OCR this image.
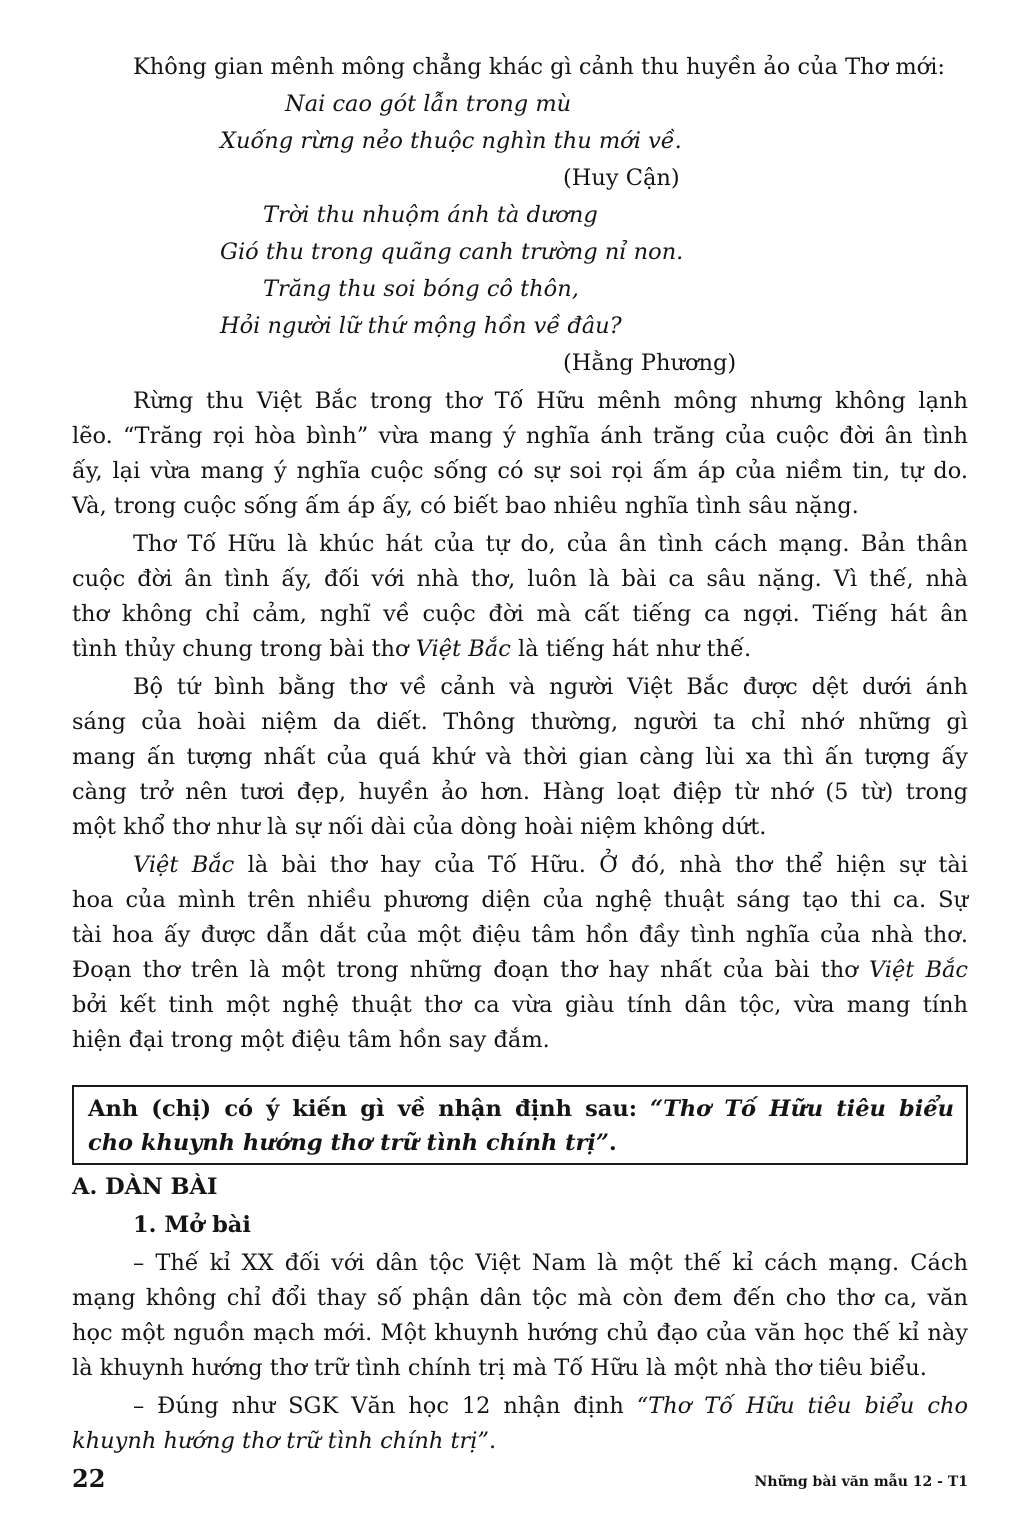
Không gian mênh mông chẳng khác gì cảnh thu huyền ảo của Thơ mới:
Nai cao gót lẫn trong mù
Xuống rừng nẻo thuộc nghìn thu mới về.
(Huy Cận)
Trời thu nhuộm ánh tà dương
Gió thu trong quãng canh trường nỉ non.
Trăng thu soi bóng cô thôn,
Hỏi người lữ thứ mộng hồn về đâu?
(Hằng Phương)
Rừng thu Việt Bắc trong thơ Tố Hữu mênh mông nhưng không lạnh
lẽo. “Trăng rọi hòa bình” vừa mang ý nghĩa ánh trăng của cuộc đời ân tình
ấy, lại vừa mang ý nghĩa cuộc sống có sự soi rọi ấm áp của niềm tin, tự do.
Và, trong cuộc sống ấm áp ấy, có biết bao nhiêu nghĩa tình sâu nặng.
Thơ Tố Hữu là khúc hát của tự do, của ân tình cách mạng. Bản thân
cuộc đời ân tình ấy, đối với nhà thơ, luôn là bài ca sâu nặng. Vì thế, nhà
thơ không chỉ cảm, nghĩ về cuộc đời mà cất tiếng ca ngợi. Tiếng hát ân
tình thủy chung trong bài thơ Việt Bắc là tiếng hát như thế.
Bộ tứ bình bằng thơ về cảnh và người Việt Bắc được dệt dưới ánh
sáng của hoài niệm da diết. Thông thường, người ta chỉ nhớ những gì
mang ấn tượng nhất của quá khứ và thời gian càng lùi xa thì ấn tượng ấy
càng trở nên tươi đẹp, huyền ảo hơn. Hàng loạt điệp từ nhớ (5 từ) trong
một khổ thơ như là sự nối dài của dòng hoài niệm không dứt.
Việt Bắc là bài thơ hay của Tố Hữu. Ở đó, nhà thơ thể hiện sự tài
hoa của mình trên nhiều phương diện của nghệ thuật sáng tạo thi ca. Sự
tài hoa ấy được dẫn dắt của một điệu tâm hồn đầy tình nghĩa của nhà thơ.
Đoạn thơ trên là một trong những đoạn thơ hay nhất của bài thơ Việt Bắc
bởi kết tinh một nghệ thuật thơ ca vừa giàu tính dân tộc, vừa mang tính
hiện đại trong một điệu tâm hồn say đắm.
Anh (chị) có ý kiến gì về nhận định sau: “Thơ Tố Hữu tiêu biểu
cho khuynh hướng thơ trữ tình chính trị”.
A. DÀN BÀI
1. Mở bài
– Thế kỉ XX đối với dân tộc Việt Nam là một thế kỉ cách mạng. Cách
mạng không chỉ đổi thay số phận dân tộc mà còn đem đến cho thơ ca, văn
học một nguồn mạch mới. Một khuynh hướng chủ đạo của văn học thế kỉ này
là khuynh hướng thơ trữ tình chính trị mà Tố Hữu là một nhà thơ tiêu biểu.
– Đúng như SGK Văn học 12 nhận định “Thơ Tố Hữu tiêu biểu cho
khuynh hướng thơ trữ tình chính trị”.
22	Những bài văn mẫu 12 - T1
